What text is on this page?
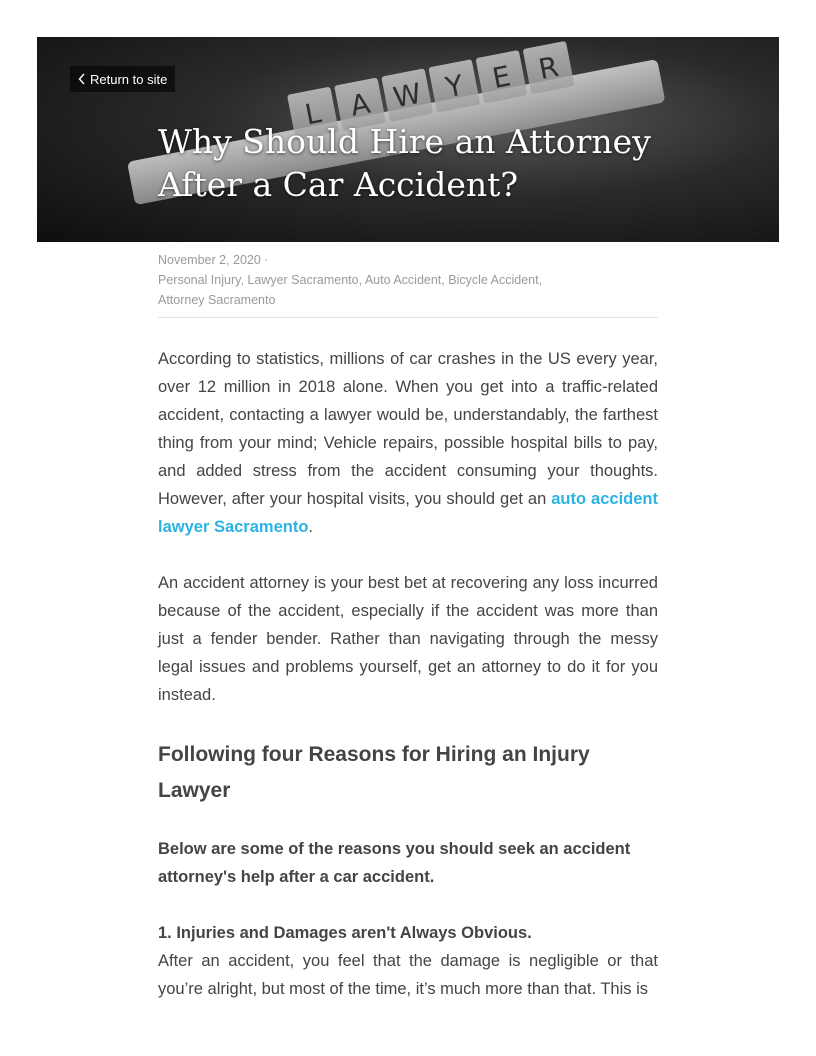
L A W Y E R
Return to site
Why Should Hire an Attorney After a Car Accident?
November 2, 2020 ·
Personal Injury, Lawyer Sacramento, Auto Accident, Bicycle Accident,
Attorney Sacramento

According to statistics, millions of car crashes in the US every year, over 12 million in 2018 alone. When you get into a traffic-related accident, contacting a lawyer would be, understandably, the farthest thing from your mind; Vehicle repairs, possible hospital bills to pay, and added stress from the accident consuming your thoughts. However, after your hospital visits, you should get an auto accident lawyer Sacramento.

An accident attorney is your best bet at recovering any loss incurred because of the accident, especially if the accident was more than just a fender bender. Rather than navigating through the messy legal issues and problems yourself, get an attorney to do it for you instead.

Following four Reasons for Hiring an Injury Lawyer

Below are some of the reasons you should seek an accident attorney's help after a car accident.

1. Injuries and Damages aren't Always Obvious.

After an accident, you feel that the damage is negligible or that you’re alright, but most of the time, it’s much more than that. This is
